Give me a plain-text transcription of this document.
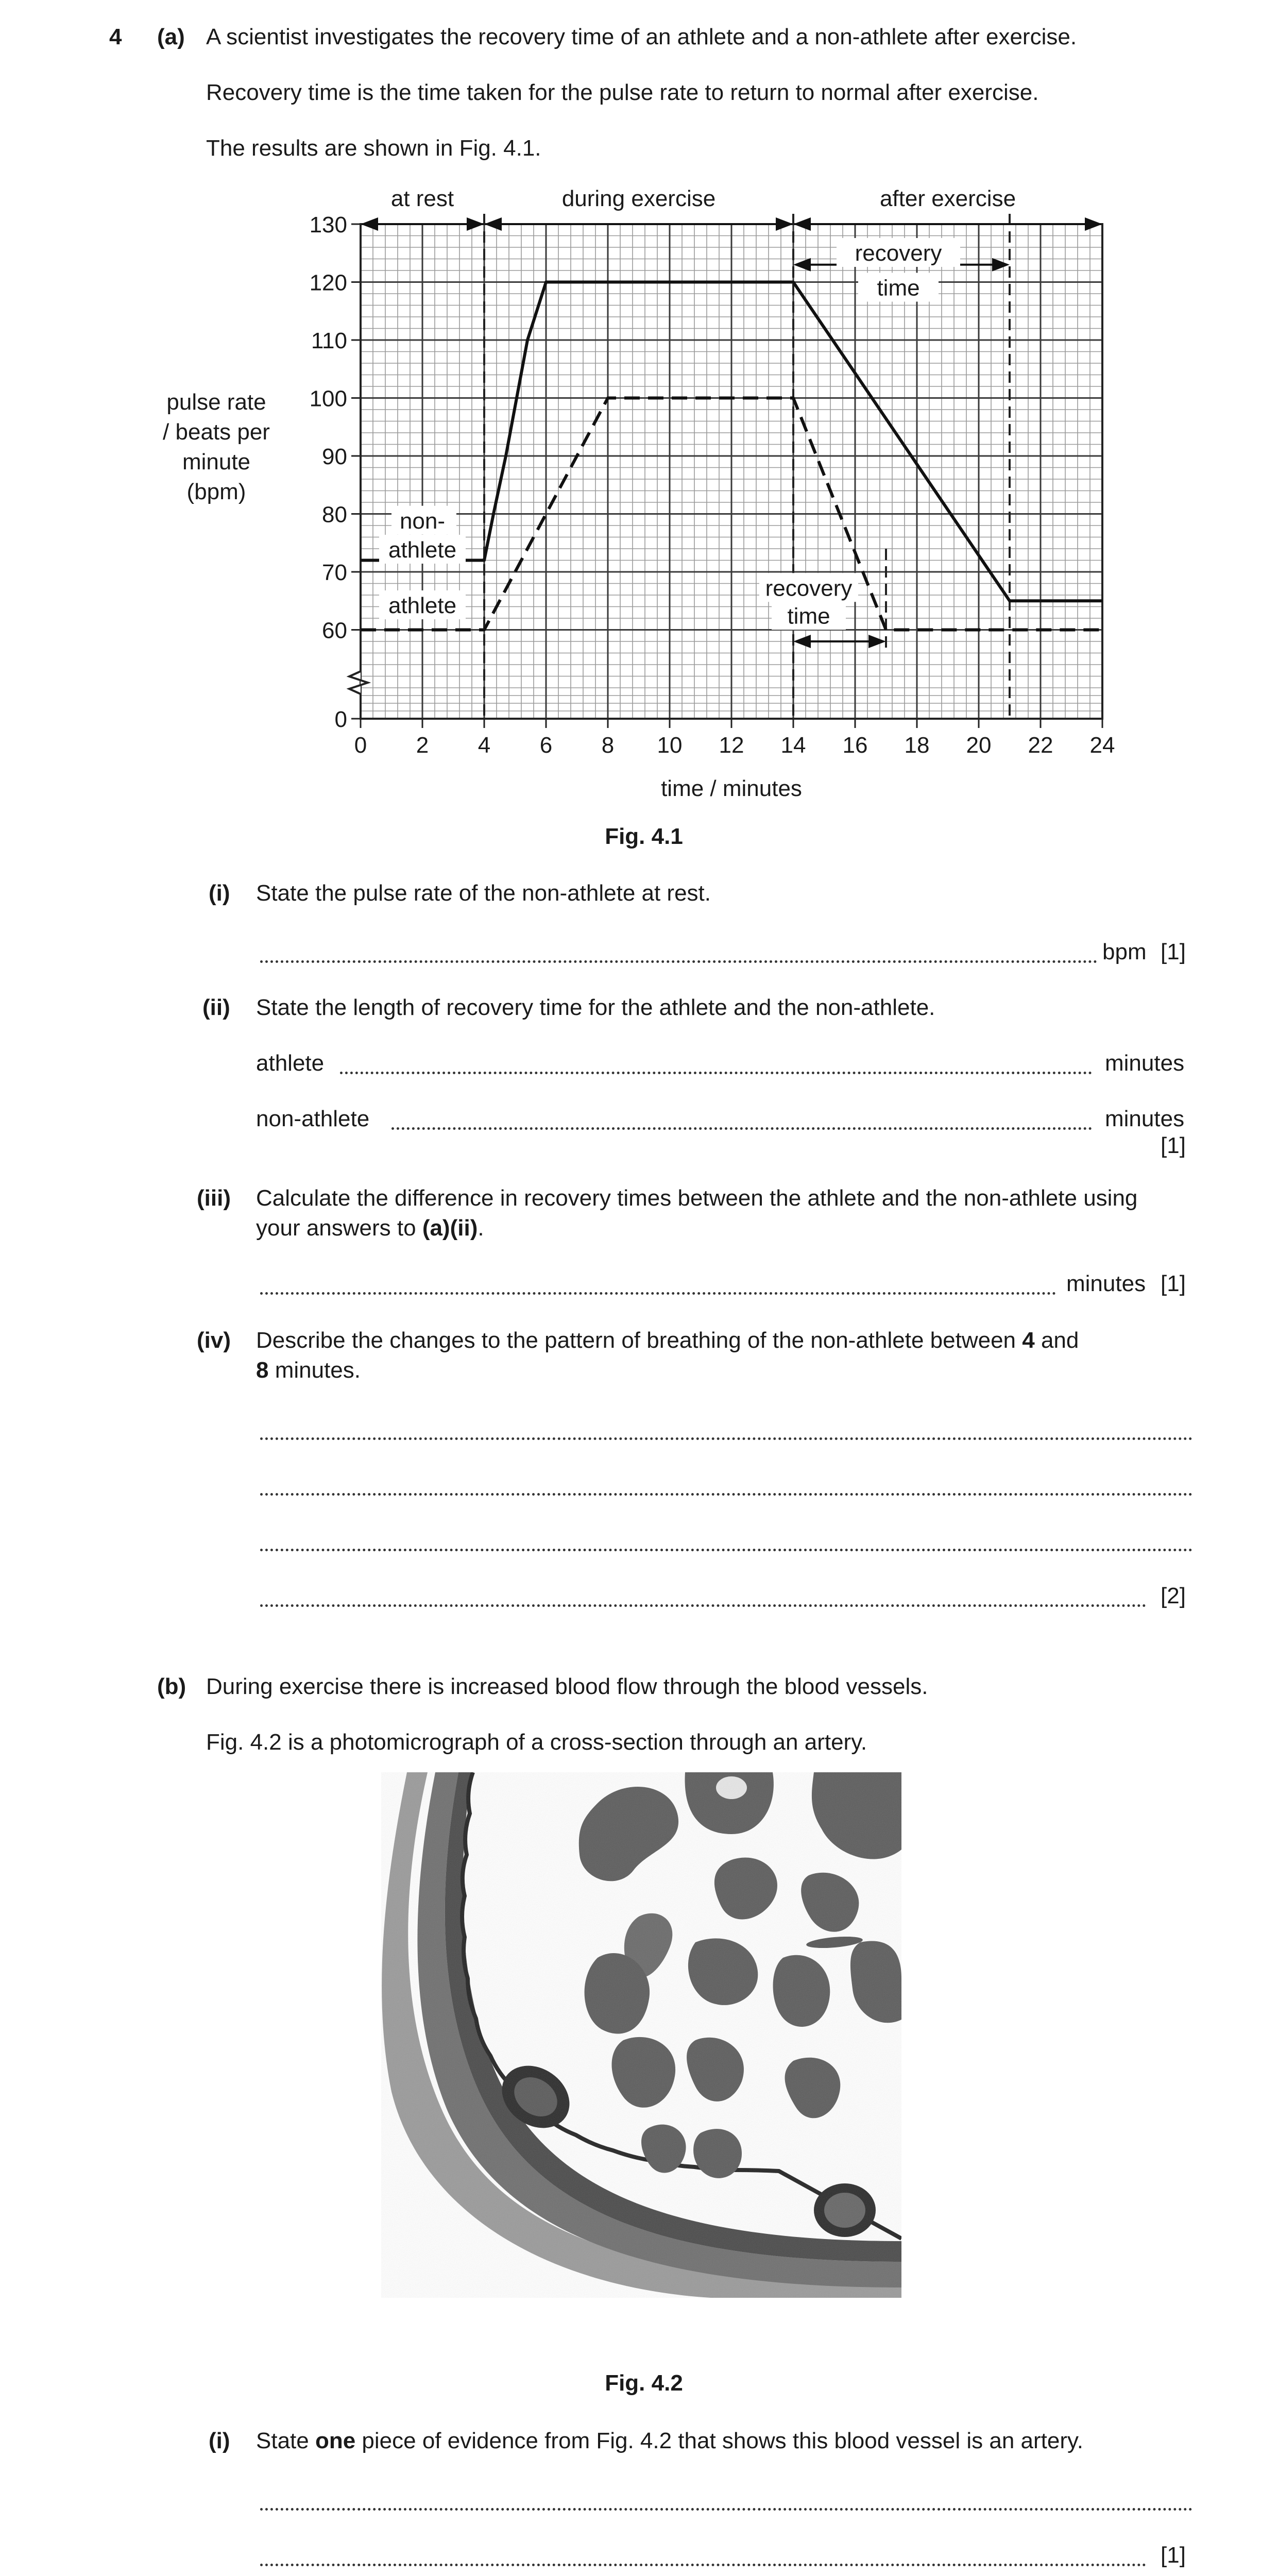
4 (a) A scientist investigates the recovery time of an athlete and a non-athlete after exercise.
Recovery time is the time taken for the pulse rate to return to normal after exercise.
The results are shown in Fig. 4.1.
0 2 4 6 8 10 12 14 16 18 20 22 24
0
60
70
80
90
100
110
120
130
at rest	during exercise	after exercise
recovery
time
recovery
time
non-
athlete
athlete
pulse rate
/ beats per
minute
(bpm)
time / minutes
Fig. 4.1
(i) State the pulse rate of the non-athlete at rest.
bpm [1]
(ii) State the length of recovery time for the athlete and the non-athlete.
athlete	minutes
non-athlete	minutes
[1]
(iii) Calculate the difference in recovery times between the athlete and the non-athlete using
your answers to (a)(ii).
minutes [1]
(iv) Describe the changes to the pattern of breathing of the non-athlete between 4 and
8 minutes.
[2]
(b) During exercise there is increased blood flow through the blood vessels.
Fig. 4.2 is a photomicrograph of a cross-section through an artery.
Fig. 4.2
(i) State one piece of evidence from Fig. 4.2 that shows this blood vessel is an artery.
[1]
